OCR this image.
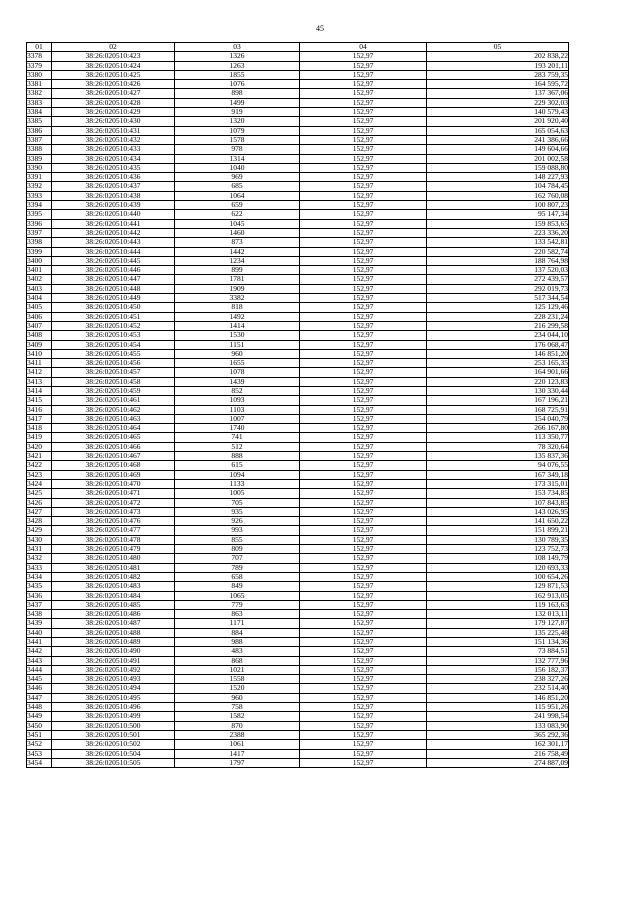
45
01	02	03	04	05
3378	38:26:020510:423	1326	152,97	202 838,22
3379	38:26:020510:424	1263	152,97	193 201,11
3380	38:26:020510:425	1855	152,97	283 759,35
3381	38:26:020510:426	1076	152,97	164 595,72
3382	38:26:020510:427	898	152,97	137 367,06
3383	38:26:020510:428	1499	152,97	229 302,03
3384	38:26:020510:429	919	152,97	140 579,43
3385	38:26:020510:430	1320	152,97	201 920,40
3386	38:26:020510:431	1079	152,97	165 054,63
3387	38:26:020510:432	1578	152,97	241 386,66
3388	38:26:020510:433	978	152,97	149 604,66
3389	38:26:020510:434	1314	152,97	201 002,58
3390	38:26:020510:435	1040	152,97	159 088,80
3391	38:26:020510:436	969	152,97	148 227,93
3392	38:26:020510:437	685	152,97	104 784,45
3393	38:26:020510:438	1064	152,97	162 760,08
3394	38:26:020510:439	659	152,97	100 807,23
3395	38:26:020510:440	622	152,97	95 147,34
3396	38:26:020510:441	1045	152,97	159 853,65
3397	38:26:020510:442	1460	152,97	223 336,20
3398	38:26:020510:443	873	152,97	133 542,81
3399	38:26:020510:444	1442	152,97	220 582,74
3400	38:26:020510:445	1234	152,97	188 764,98
3401	38:26:020510:446	899	152,97	137 520,03
3402	38:26:020510:447	1781	152,97	272 439,57
3403	38:26:020510:448	1909	152,97	292 019,73
3404	38:26:020510:449	3382	152,97	517 344,54
3405	38:26:020510:450	818	152,97	125 129,46
3406	38:26:020510:451	1492	152,97	228 231,24
3407	38:26:020510:452	1414	152,97	216 299,58
3408	38:26:020510:453	1530	152,97	234 044,10
3409	38:26:020510:454	1151	152,97	176 068,47
3410	38:26:020510:455	960	152,97	146 851,20
3411	38:26:020510:456	1655	152,97	253 165,35
3412	38:26:020510:457	1078	152,97	164 901,66
3413	38:26:020510:458	1439	152,97	220 123,83
3414	38:26:020510:459	852	152,97	130 330,44
3415	38:26:020510:461	1093	152,97	167 196,21
3416	38:26:020510:462	1103	152,97	168 725,91
3417	38:26:020510:463	1007	152,97	154 040,79
3418	38:26:020510:464	1740	152,97	266 167,80
3419	38:26:020510:465	741	152,97	113 350,77
3420	38:26:020510:466	512	152,97	78 320,64
3421	38:26:020510:467	888	152,97	135 837,36
3422	38:26:020510:468	615	152,97	94 076,55
3423	38:26:020510:469	1094	152,97	167 349,18
3424	38:26:020510:470	1133	152,97	173 315,01
3425	38:26:020510:471	1005	152,97	153 734,85
3426	38:26:020510:472	705	152,97	107 843,85
3427	38:26:020510:473	935	152,97	143 026,95
3428	38:26:020510:476	926	152,97	141 650,22
3429	38:26:020510:477	993	152,97	151 899,21
3430	38:26:020510:478	855	152,97	130 789,35
3431	38:26:020510:479	809	152,97	123 752,73
3432	38:26:020510:480	707	152,97	108 149,79
3433	38:26:020510:481	789	152,97	120 693,33
3434	38:26:020510:482	658	152,97	100 654,26
3435	38:26:020510:483	849	152,97	129 871,53
3436	38:26:020510:484	1065	152,97	162 913,05
3437	38:26:020510:485	779	152,97	119 163,63
3438	38:26:020510:486	863	152,97	132 013,11
3439	38:26:020510:487	1171	152,97	179 127,87
3440	38:26:020510:488	884	152,97	135 225,48
3441	38:26:020510:489	988	152,97	151 134,36
3442	38:26:020510:490	483	152,97	73 884,51
3443	38:26:020510:491	868	152,97	132 777,96
3444	38:26:020510:492	1021	152,97	156 182,37
3445	38:26:020510:493	1558	152,97	238 327,26
3446	38:26:020510:494	1520	152,97	232 514,40
3447	38:26:020510:495	960	152,97	146 851,20
3448	38:26:020510:496	758	152,97	115 951,26
3449	38:26:020510:499	1582	152,97	241 998,54
3450	38:26:020510:500	870	152,97	133 083,90
3451	38:26:020510:501	2388	152,97	365 292,36
3452	38:26:020510:502	1061	152,97	162 301,17
3453	38:26:020510:504	1417	152,97	216 758,49
3454	38:26:020510:505	1797	152,97	274 887,09
